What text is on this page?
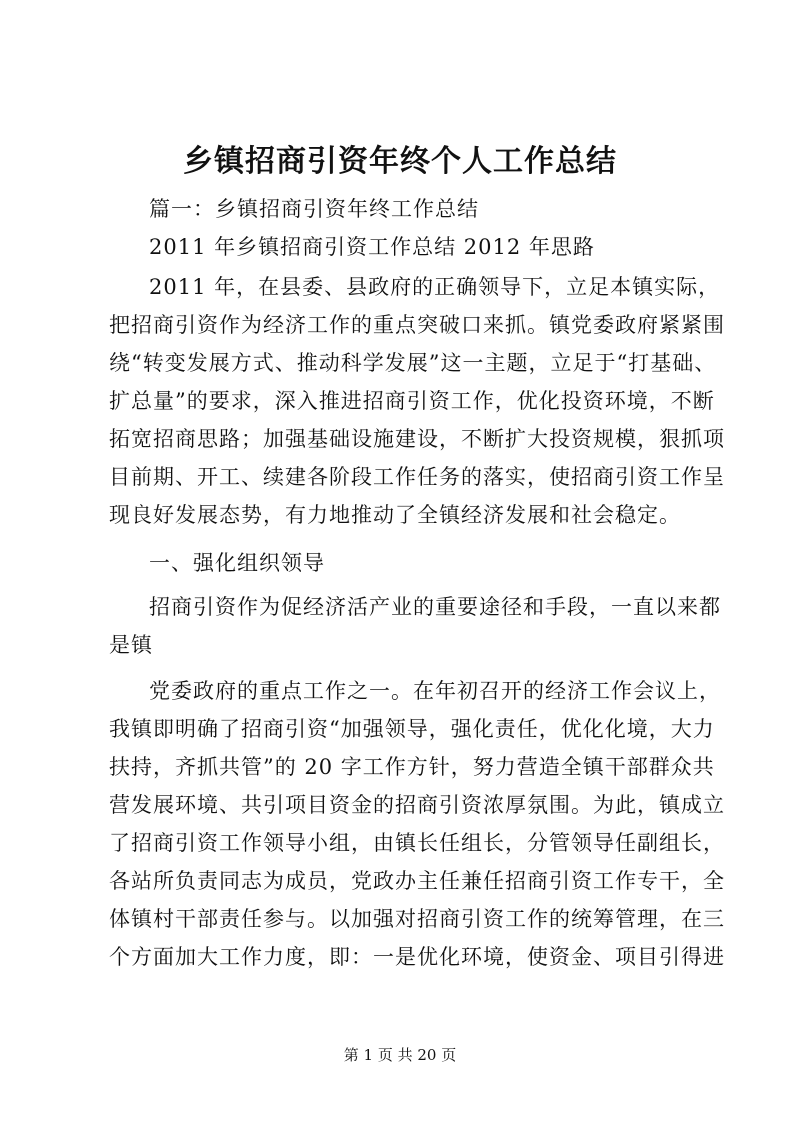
乡镇招商引资年终个人工作总结
篇一：乡镇招商引资年终工作总结
2011 年乡镇招商引资工作总结 2012 年思路
2011 年，在县委、县政府的正确领导下，立足本镇实际，
把招商引资作为经济工作的重点突破口来抓。镇党委政府紧紧围
绕“转变发展方式、推动科学发展”这一主题，立足于“打基础、
扩总量”的要求，深入推进招商引资工作，优化投资环境，不断
拓宽招商思路；加强基础设施建设，不断扩大投资规模，狠抓项
目前期、开工、续建各阶段工作任务的落实，使招商引资工作呈
现良好发展态势，有力地推动了全镇经济发展和社会稳定。
一、强化组织领导
招商引资作为促经济活产业的重要途径和手段，一直以来都
是镇
党委政府的重点工作之一。在年初召开的经济工作会议上，
我镇即明确了招商引资“加强领导，强化责任，优化化境，大力
扶持，齐抓共管”的 20 字工作方针，努力营造全镇干部群众共
营发展环境、共引项目资金的招商引资浓厚氛围。为此，镇成立
了招商引资工作领导小组，由镇长任组长，分管领导任副组长，
各站所负责同志为成员，党政办主任兼任招商引资工作专干，全
体镇村干部责任参与。以加强对招商引资工作的统筹管理，在三
个方面加大工作力度，即：一是优化环境，使资金、项目引得进
第 1 页 共 20 页
